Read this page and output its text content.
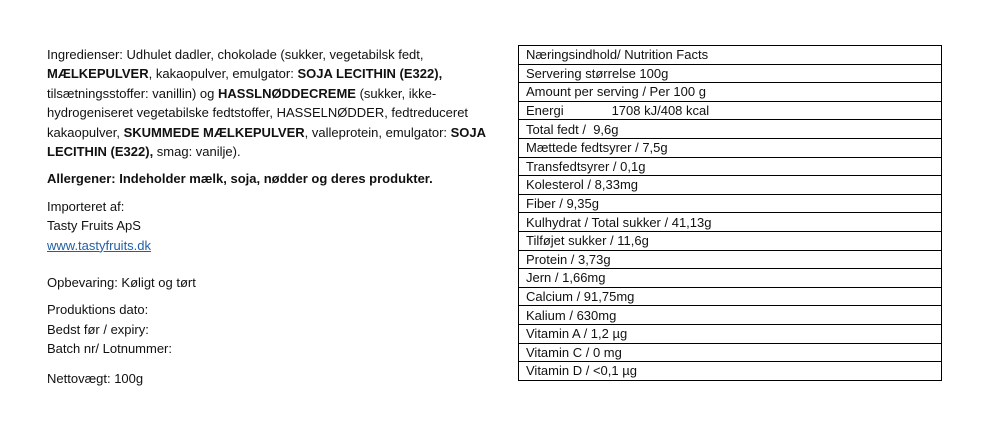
Ingredienser: Udhulet dadler, chokolade (sukker, vegetabilsk fedt, MÆLKEPULVER, kakaopulver, emulgator: SOJA LECITHIN (E322), tilsætningsstoffer: vanillin) og HASSLNØDDECREME (sukker, ikke-hydrogeniseret vegetabilske fedtstoffer, HASSELNØDDER, fedtreduceret kakaopulver, SKUMMEDE MÆLKEPULVER, valleprotein, emulgator: SOJA LECITHIN (E322), smag: vanilje).

Allergener: Indeholder mælk, soja, nødder og deres produkter.

Importeret af:

Tasty Fruits ApS

www.tastyfruits.dk

Opbevaring: Køligt og tørt

Produktions dato:

Bedst før / expiry:

Batch nr/ Lotnummer:

Nettovægt: 100g

Næringsindhold/ Nutrition Facts
Servering størrelse 100g
Amount per serving / Per 100 g
Energi	1708 kJ/408 kcal
Total fedt /  9,6g
Mættede fedtsyrer / 7,5g
Transfedtsyrer / 0,1g
Kolesterol / 8,33mg
Fiber / 9,35g
Kulhydrat / Total sukker / 41,13g
Tilføjet sukker / 11,6g
Protein / 3,73g
Jern / 1,66mg
Calcium / 91,75mg
Kalium / 630mg
Vitamin A / 1,2 µg
Vitamin C / 0 mg
Vitamin D / <0,1 µg
